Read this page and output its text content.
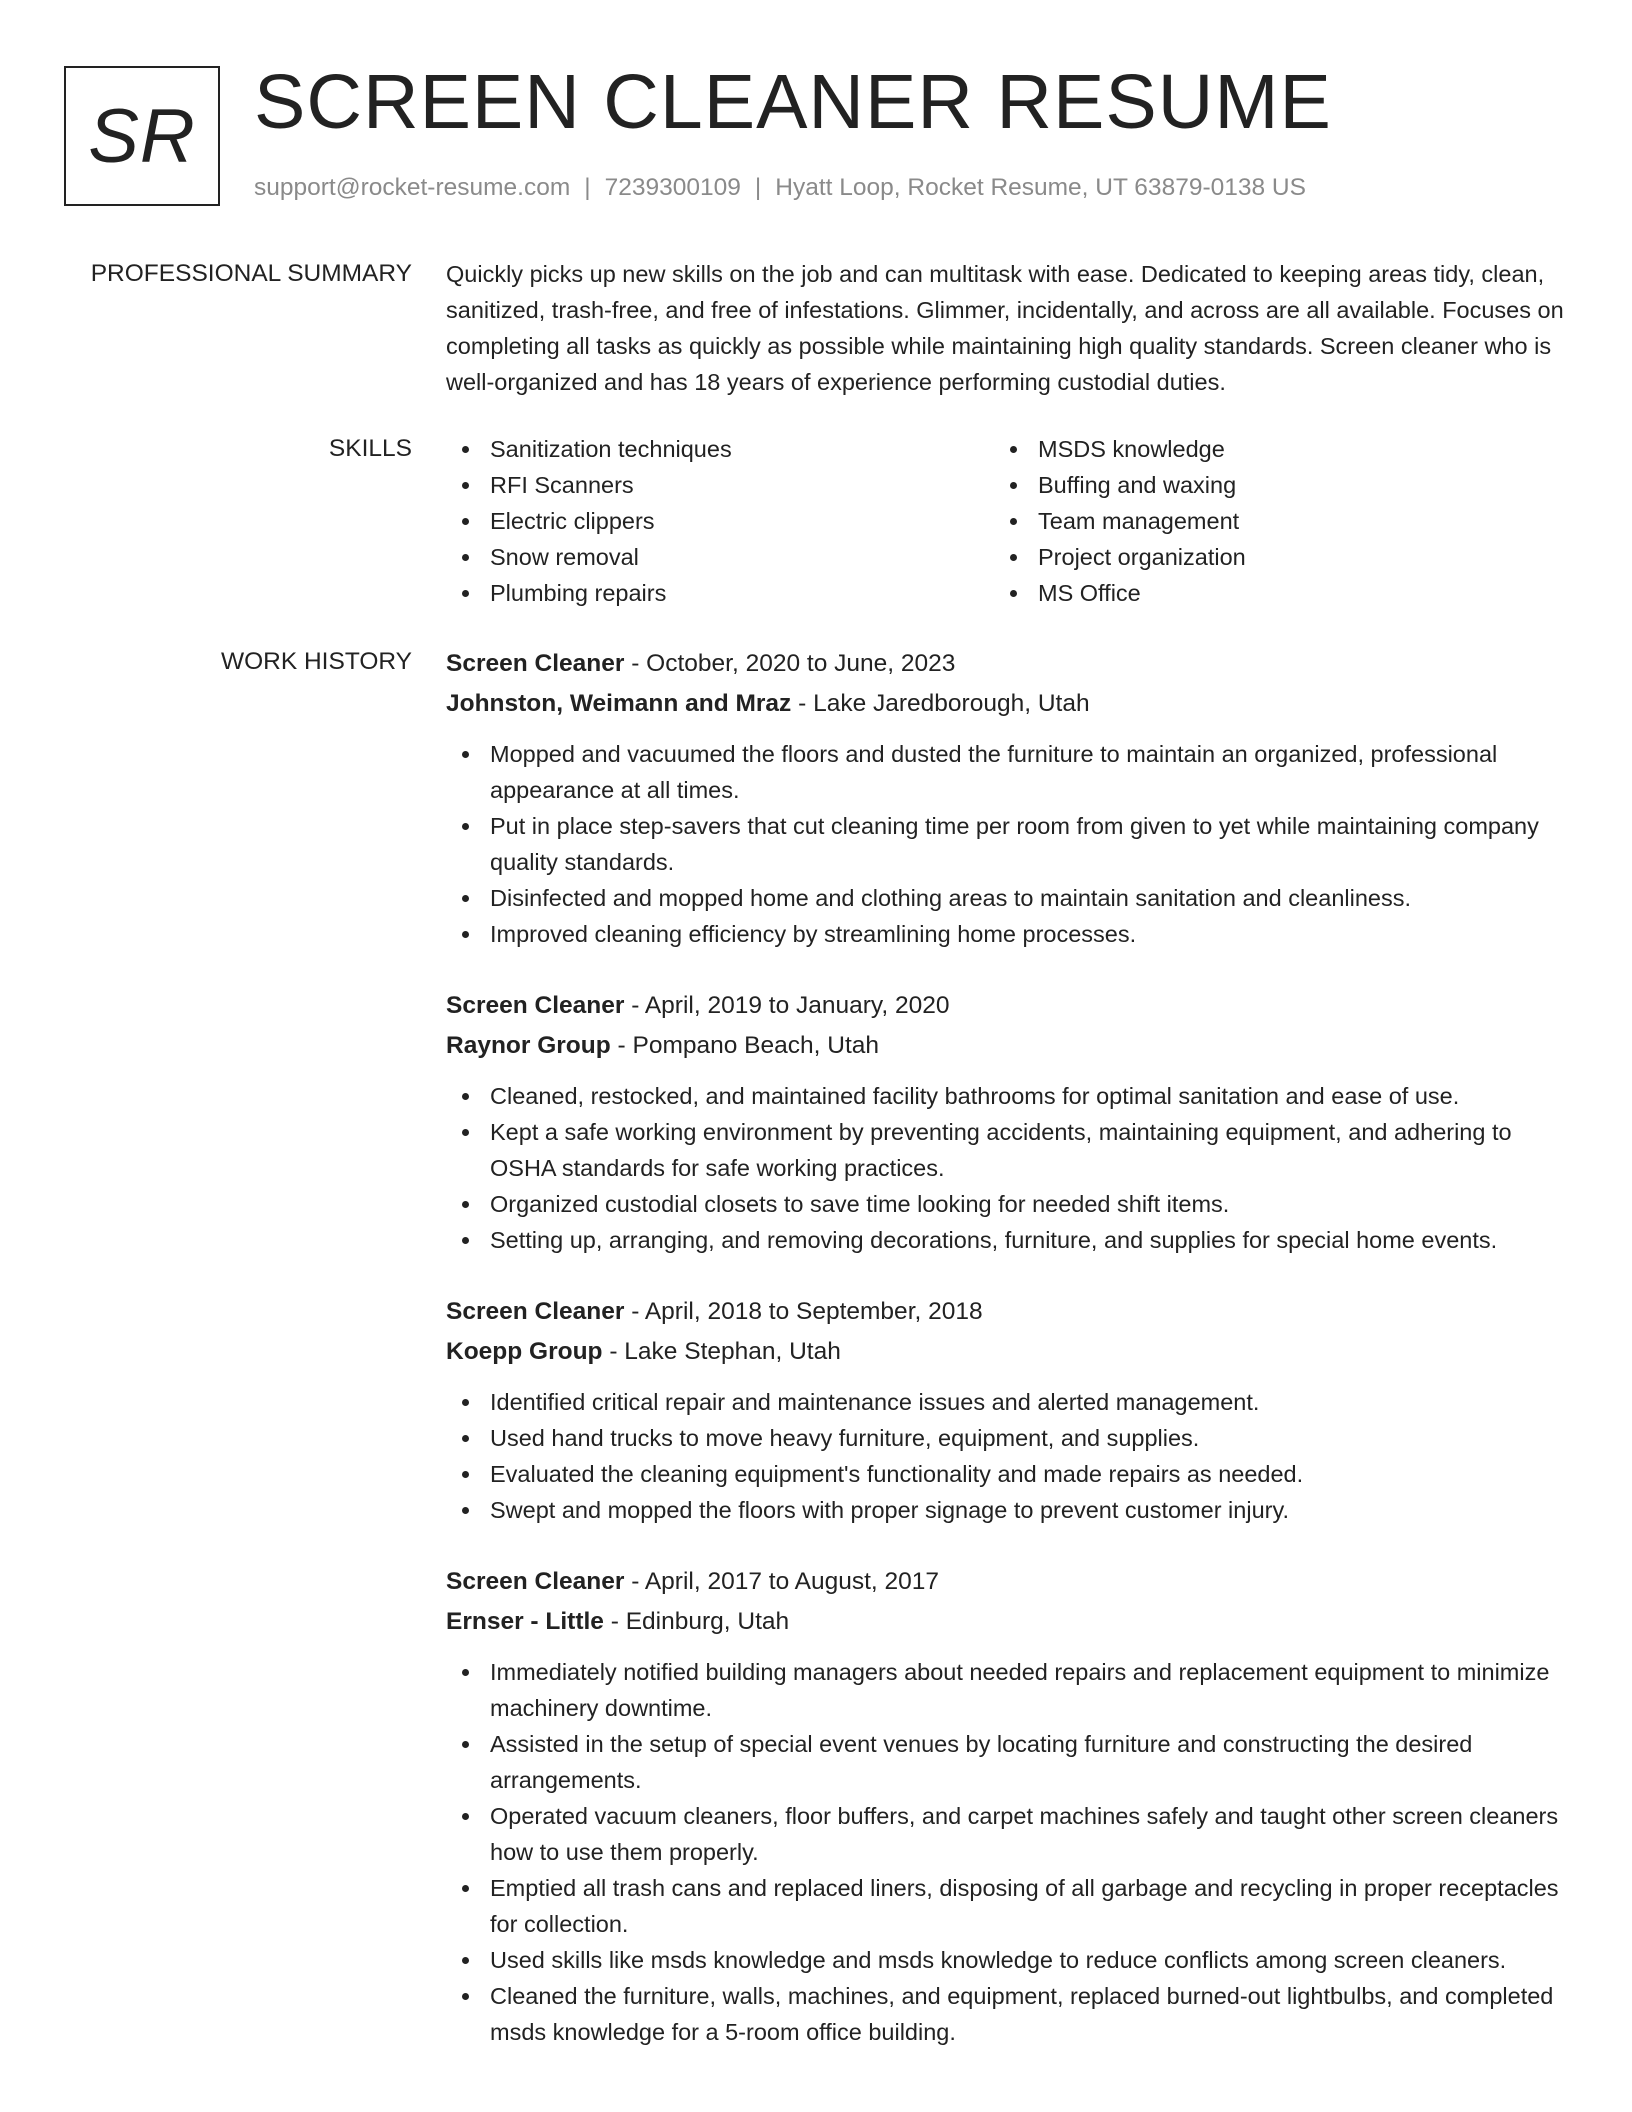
SR SCREEN CLEANER RESUME
support@rocket-resume.com | 7239300109 | Hyatt Loop, Rocket Resume, UT 63879-0138 US
PROFESSIONAL SUMMARY Quickly picks up new skills on the job and can multitask with ease. Dedicated to keeping areas tidy, clean, sanitized, trash-free, and free of infestations. Glimmer, incidentally, and across are all available. Focuses on completing all tasks as quickly as possible while maintaining high quality standards. Screen cleaner who is well-organized and has 18 years of experience performing custodial duties.

SKILLS	Sanitization techniques
RFI Scanners
Electric clippers
Snow removal
Plumbing repairs
MSDS knowledge
Buffing and waxing
Team management
Project organization
MS Office
WORK HISTORY Screen Cleaner - October, 2020 to June, 2023
Johnston, Weimann and Mraz - Lake Jaredborough, Utah
Mopped and vacuumed the floors and dusted the furniture to maintain an organized, professional appearance at all times.
Put in place step-savers that cut cleaning time per room from given to yet while maintaining company quality standards.
Disinfected and mopped home and clothing areas to maintain sanitation and cleanliness.
Improved cleaning efficiency by streamlining home processes.
Screen Cleaner - April, 2019 to January, 2020
Raynor Group - Pompano Beach, Utah
Cleaned, restocked, and maintained facility bathrooms for optimal sanitation and ease of use.
Kept a safe working environment by preventing accidents, maintaining equipment, and adhering to OSHA standards for safe working practices.
Organized custodial closets to save time looking for needed shift items.
Setting up, arranging, and removing decorations, furniture, and supplies for special home events.
Screen Cleaner - April, 2018 to September, 2018
Koepp Group - Lake Stephan, Utah
Identified critical repair and maintenance issues and alerted management.
Used hand trucks to move heavy furniture, equipment, and supplies.
Evaluated the cleaning equipment's functionality and made repairs as needed.
Swept and mopped the floors with proper signage to prevent customer injury.
Screen Cleaner - April, 2017 to August, 2017
Ernser - Little - Edinburg, Utah
Immediately notified building managers about needed repairs and replacement equipment to minimize machinery downtime.
Assisted in the setup of special event venues by locating furniture and constructing the desired arrangements.
Operated vacuum cleaners, floor buffers, and carpet machines safely and taught other screen cleaners how to use them properly.
Emptied all trash cans and replaced liners, disposing of all garbage and recycling in proper receptacles for collection.
Used skills like msds knowledge and msds knowledge to reduce conflicts among screen cleaners.
Cleaned the furniture, walls, machines, and equipment, replaced burned-out lightbulbs, and completed msds knowledge for a 5-room office building.
